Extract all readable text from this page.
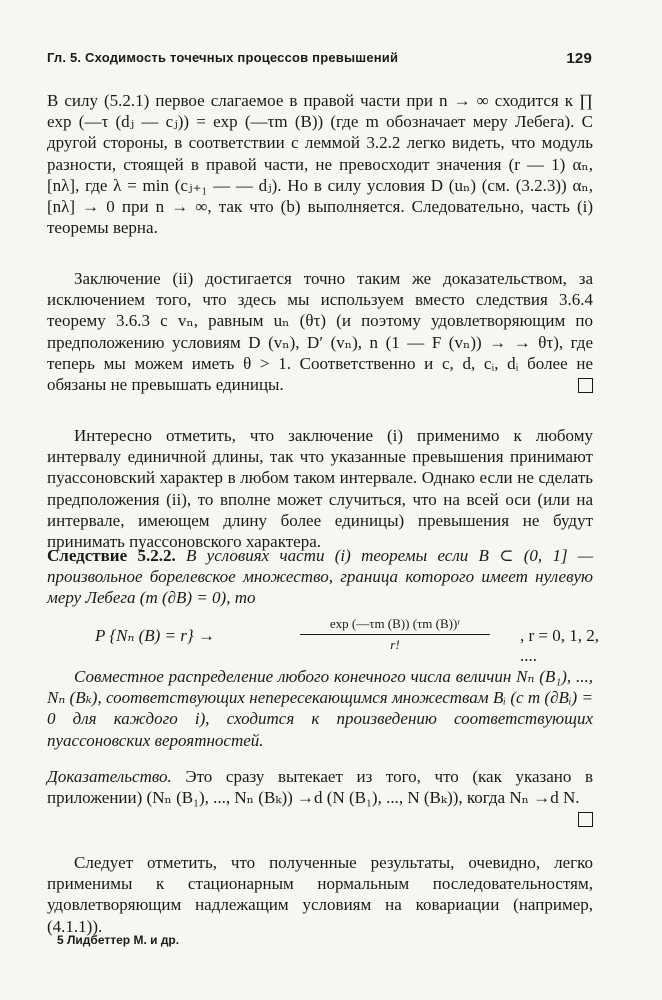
Гл. 5. Сходимость точечных процессов превышений	129

В силу (5.2.1) первое слагаемое в правой части при n → ∞ сходится к ∏ exp (—τ (dⱼ — cⱼ)) = exp (—τm (B)) (где m обозначает меру Лебега). С другой стороны, в соответствии с леммой 3.2.2 легко видеть, что модуль разности, стоящей в правой части, не превосходит значения (r — 1) αₙ,[nλ], где λ = min (cⱼ₊₁ — — dⱼ). Но в силу условия D (uₙ) (см. (3.2.3)) αₙ,[nλ] → 0 при n → ∞, так что (b) выполняется. Следовательно, часть (i) теоремы верна.

Заключение (ii) достигается точно таким же доказательством, за исключением того, что здесь мы используем вместо следствия 3.6.4 теорему 3.6.3 с vₙ, равным uₙ (θτ) (и поэтому удовлетворяющим по предположению условиям D (vₙ), D′ (vₙ), n (1 — F (vₙ)) → → θτ), где теперь мы можем иметь θ > 1. Соответственно и c, d, cᵢ, dᵢ более не обязаны не превышать единицы.

Интересно отметить, что заключение (i) применимо к любому интервалу единичной длины, так что указанные превышения принимают пуассоновский характер в любом таком интервале. Однако если не сделать предположения (ii), то вполне может случиться, что на всей оси (или на интервале, имеющем длину более единицы) превышения не будут принимать пуассоновского характера.

Следствие 5.2.2. В условиях части (i) теоремы если B ⊂ (0, 1] — произвольное борелевское множество, граница которого имеет нулевую меру Лебега (m (∂B) = 0), то

P {Nₙ (B) = r} →	$\frac{\text{exp (—τm (B)) (τm (B))ʳ}}{r!}$ , r = 0, 1, 2, ....

Совместное распределение любого конечного числа величин Nₙ (B₁), ..., Nₙ (Bₖ), соответствующих непересекающимся множествам Bᵢ (с m (∂Bᵢ) = 0 для каждого i), сходится к произведению соответствующих пуассоновских вероятностей.

Доказательство. Это сразу вытекает из того, что (как указано в приложении) (Nₙ (B₁), ..., Nₙ (Bₖ)) →d (N (B₁), ..., N (Bₖ)), когда Nₙ →d N.

Следует отметить, что полученные результаты, очевидно, легко применимы к стационарным нормальным последовательностям, удовлетворяющим надлежащим условиям на ковариации (например, (4.1.1)).

5 Лидбеттер М. и др.
